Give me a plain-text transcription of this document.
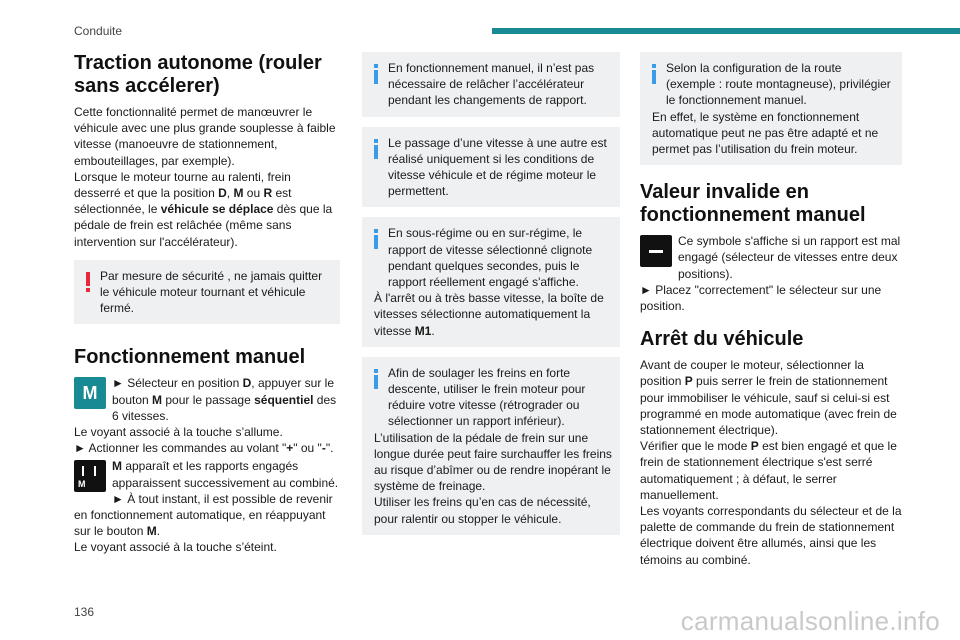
Conduite
Traction autonome (rouler sans accélerer)

Cette fonctionnalité permet de manœuvrer le véhicule avec une plus grande souplesse à faible vitesse (manoeuvre de stationnement, embouteillages, par exemple).

Lorsque le moteur tourne au ralenti, frein desserré et que la position D, M ou R est sélectionnée, le véhicule se déplace dès que la pédale de frein est relâchée (même sans intervention sur l'accélérateur).

Par mesure de sécurité , ne jamais quitter le véhicule moteur tournant et véhicule fermé.

Fonctionnement manuel
M	► Sélecteur en position D, appuyer sur le bouton M pour le passage séquentiel des 6 vitesses.

Le voyant associé à la touche s’allume.

► Actionner les commandes au volant "+" ou "-".

M

M apparaît et les rapports engagés apparaissent successivement au combiné.

► À tout instant, il est possible de revenir en fonctionnement automatique, en réappuyant sur le bouton M.

Le voyant associé à la touche s’éteint.

En fonctionnement manuel, il n’est pas nécessaire de relâcher l’accélérateur pendant les changements de rapport.

Le passage d’une vitesse à une autre est réalisé uniquement si les conditions de vitesse véhicule et de régime moteur le permettent.

En sous-régime ou en sur-régime, le rapport de vitesse sélectionné clignote pendant quelques secondes, puis le rapport réellement engagé s'affiche.

À l'arrêt ou à très basse vitesse, la boîte de vitesses sélectionne automatiquement la vitesse M1.

Afin de soulager les freins en forte descente, utiliser le frein moteur pour réduire votre vitesse (rétrograder ou sélectionner un rapport inférieur).

L’utilisation de la pédale de frein sur une longue durée peut faire surchauffer les freins au risque d’abîmer ou de rendre inopérant le système de freinage.

Utiliser les freins qu’en cas de nécessité, pour ralentir ou stopper le véhicule.

Selon la configuration de la route (exemple : route montagneuse), privilégier le fonctionnement manuel.

En effet, le système en fonctionnement automatique peut ne pas être adapté et ne permet pas l’utilisation du frein moteur.

Valeur invalide en fonctionnement manuel

Ce symbole s'affiche si un rapport est mal engagé (sélecteur de vitesses entre deux positions).

► Placez "correctement" le sélecteur sur une position.

Arrêt du véhicule

Avant de couper le moteur, sélectionner la position P puis serrer le frein de stationnement pour immobiliser le véhicule, sauf si celui-si est programmé en mode automatique (avec frein de stationnement électrique).

Vérifier que le mode P est bien engagé et que le frein de stationnement électrique s'est serré automatiquement ; à défaut, le serrer manuellement.

Les voyants correspondants du sélecteur et de la palette de commande du frein de stationnement électrique doivent être allumés, ainsi que les témoins au combiné.

136	carmanualsonline.info
